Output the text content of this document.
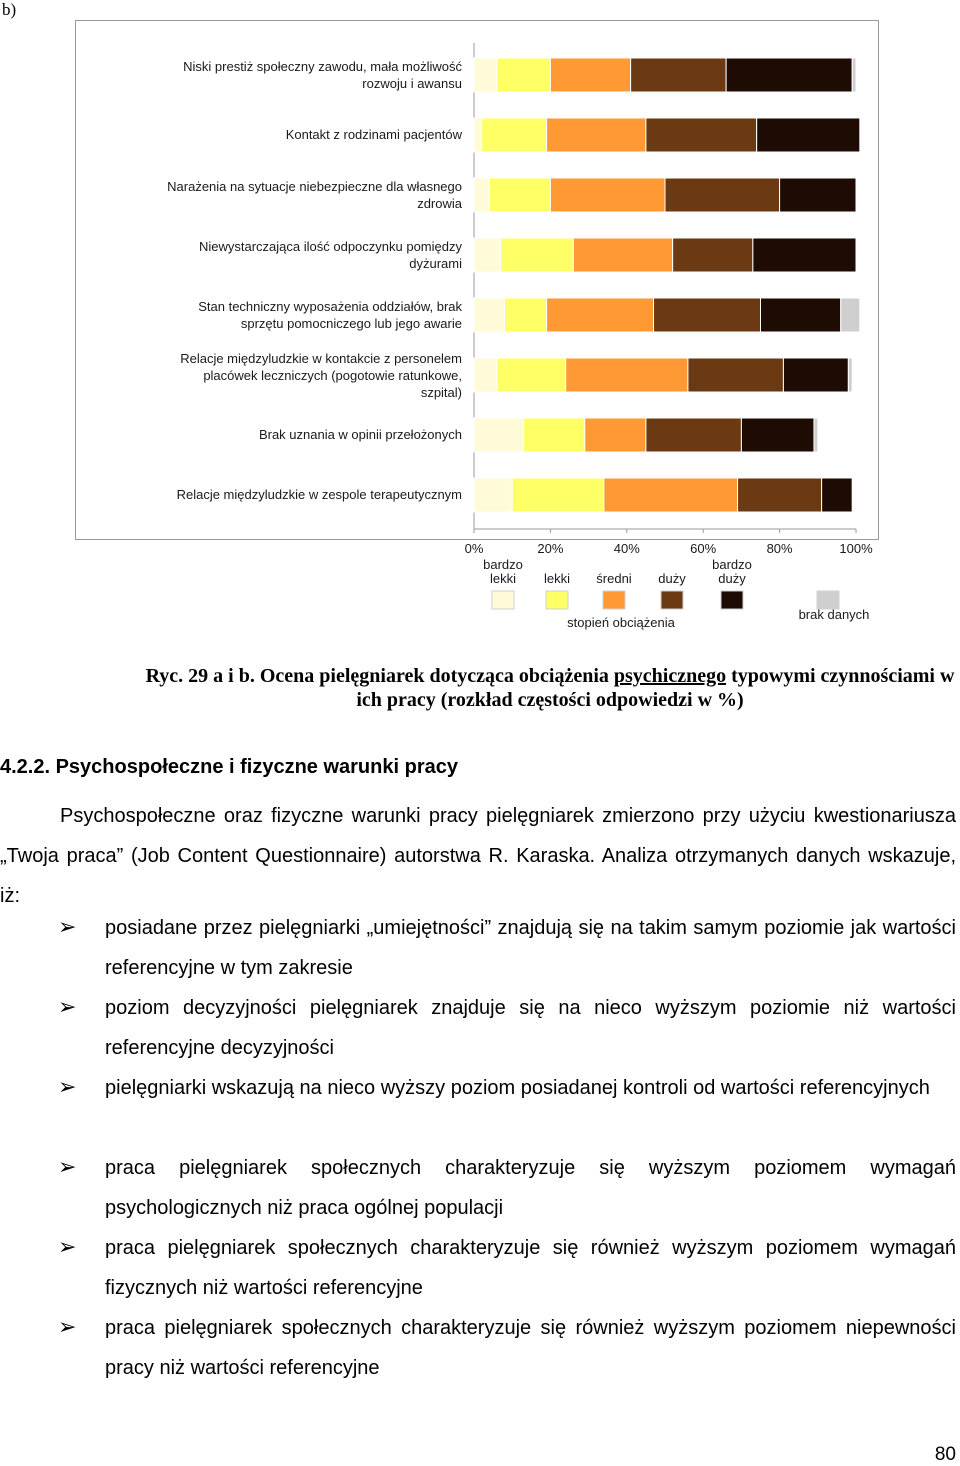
b)
Niski prestiż społeczny zawodu, mała możliwość rozwoju i awansu
Kontakt z rodzinami pacjentów
Narażenia na sytuacje niebezpieczne dla własnego zdrowia
Niewystarczająca ilość odpoczynku pomiędzy dyżurami
Stan techniczny wyposażenia oddziałów, brak sprzętu pomocniczego lub jego awarie
Relacje międzyludzkie w kontakcie z personelem placówek leczniczych (pogotowie ratunkowe, szpital)
Brak uznania w opinii przełożonych
Relacje międzyludzkie w zespole terapeutycznym
0%	20%	40%	60%	80%	100%
bardzo lekki	lekki średni duży
bardzo duży
brak danych
stopień obciążenia
Ryc. 29 a i b. Ocena pielęgniarek dotycząca obciążenia psychicznego typowymi czynnościami w ich pracy (rozkład częstości odpowiedzi w %)
4.2.2. Psychospołeczne i fizyczne warunki pracy
Psychospołeczne oraz fizyczne warunki pracy pielęgniarek zmierzono przy użyciu kwestionariusza „Twoja praca” (Job Content Questionnaire) autorstwa R. Karaska. Analiza otrzymanych danych wskazuje, iż:
➢	posiadane przez pielęgniarki „umiejętności” znajdują się na takim samym poziomie jak wartości referencyjne w tym zakresie
➢	poziom decyzyjności pielęgniarek znajduje się na nieco wyższym poziomie niż wartości referencyjne decyzyjności
➢	pielęgniarki wskazują na nieco wyższy poziom posiadanej kontroli od wartości referencyjnych
➢	praca pielęgniarek społecznych charakteryzuje się wyższym poziomem wymagań psychologicznych niż praca ogólnej populacji
➢	praca pielęgniarek społecznych charakteryzuje się również wyższym poziomem wymagań fizycznych niż wartości referencyjne
➢	praca pielęgniarek społecznych charakteryzuje się również wyższym poziomem niepewności pracy niż wartości referencyjne
80
